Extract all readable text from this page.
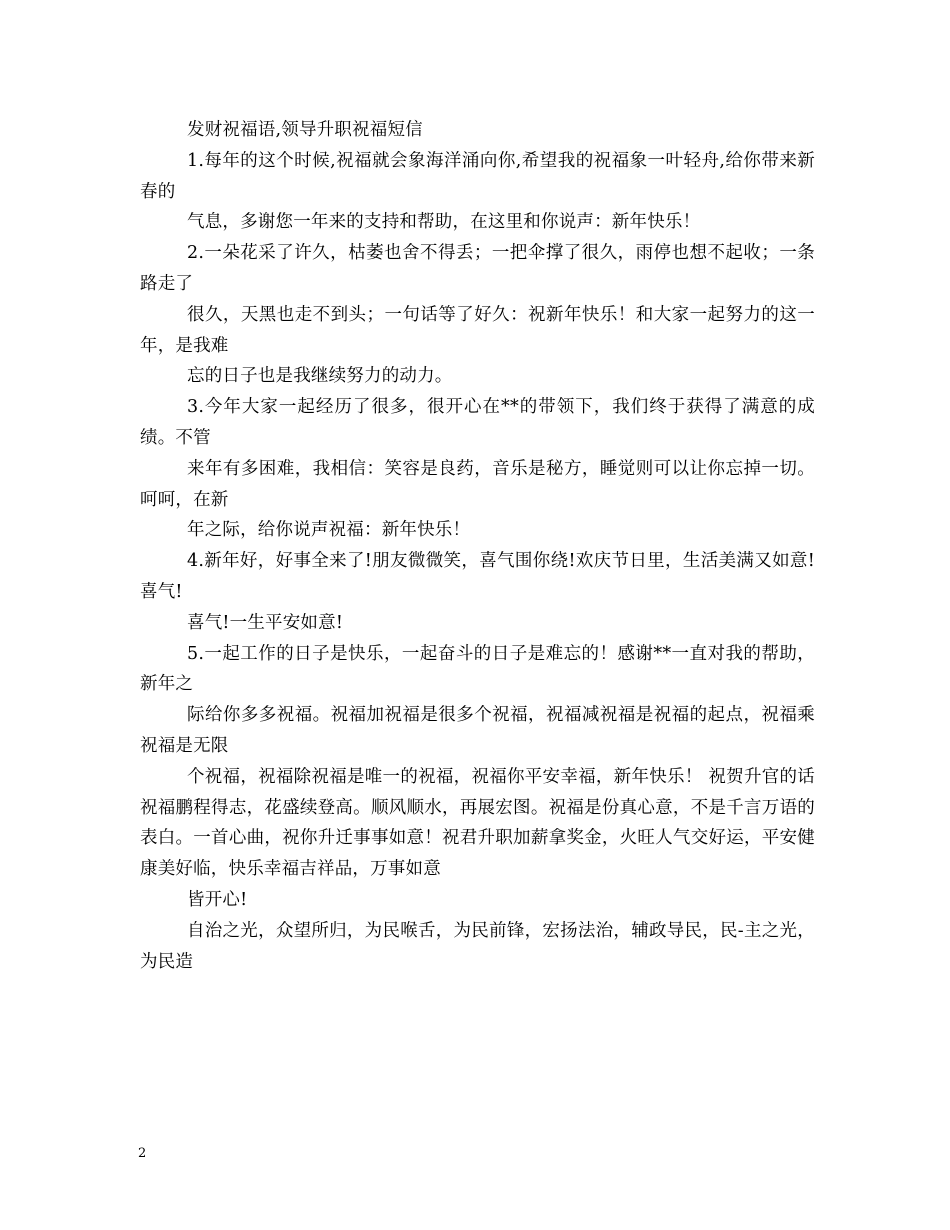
发财祝福语,领导升职祝福短信

1.每年的这个时候,祝福就会象海洋涌向你,希望我的祝福象一叶轻舟,给你带来新春的

气息，多谢您一年来的支持和帮助，在这里和你说声：新年快乐！

2.一朵花采了许久，枯萎也舍不得丢；一把伞撑了很久，雨停也想不起收；一条路走了

很久，天黑也走不到头；一句话等了好久：祝新年快乐！和大家一起努力的这一年，是我难

忘的日子也是我继续努力的动力。

3.今年大家一起经历了很多，很开心在**的带领下，我们终于获得了满意的成绩。不管

来年有多困难，我相信：笑容是良药，音乐是秘方，睡觉则可以让你忘掉一切。呵呵，在新

年之际，给你说声祝福：新年快乐！

4.新年好，好事全来了!朋友微微笑，喜气围你绕!欢庆节日里，生活美满又如意!喜气!

喜气!一生平安如意!

5.一起工作的日子是快乐，一起奋斗的日子是难忘的！感谢**一直对我的帮助，新年之

际给你多多祝福。祝福加祝福是很多个祝福，祝福减祝福是祝福的起点，祝福乘祝福是无限

个祝福，祝福除祝福是唯一的祝福，祝福你平安幸福，新年快乐！ 祝贺升官的话 祝福鹏程得志，花盛续登高。顺风顺水，再展宏图。祝福是份真心意，不是千言万语的表白。一首心曲，祝你升迁事事如意！祝君升职加薪拿奖金，火旺人气交好运，平安健康美好临，快乐幸福吉祥品，万事如意

皆开心!

自治之光，众望所归，为民喉舌，为民前锋，宏扬法治，辅政导民，民-主之光，为民造

2
